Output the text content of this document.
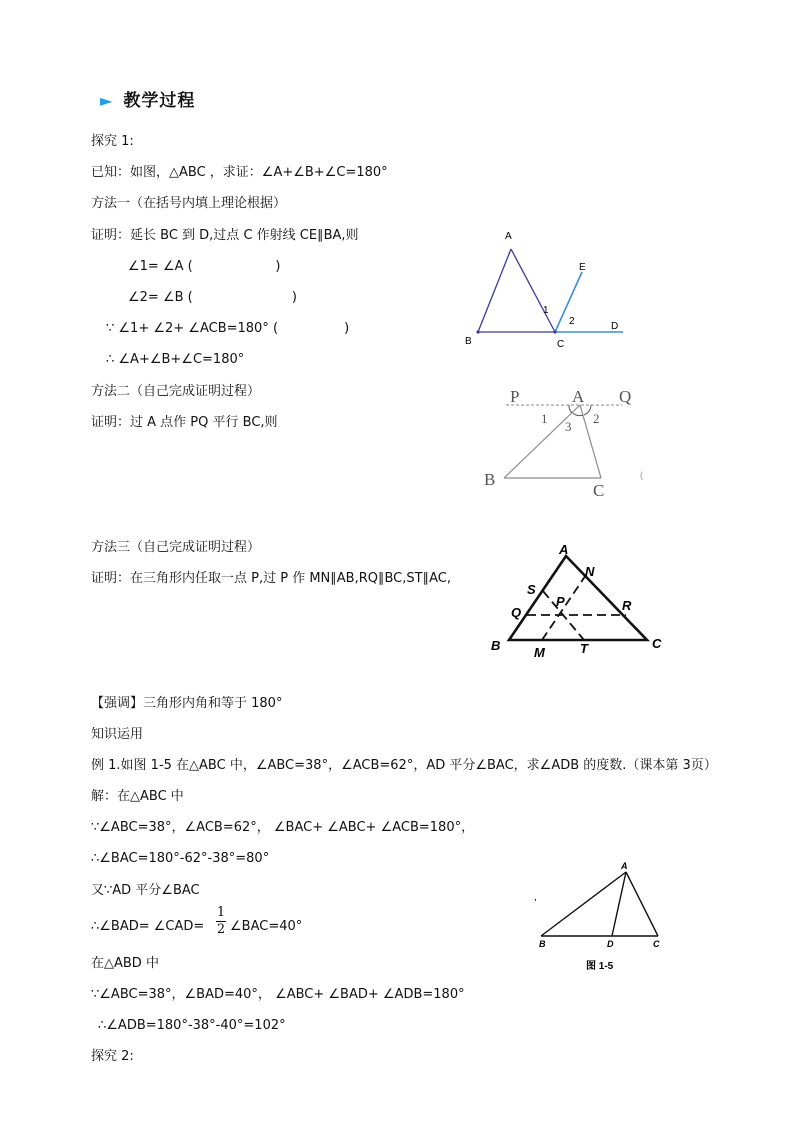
► 教学过程
探究 1:
已知：如图，△ABC ，求证：∠A+∠B+∠C=180°
方法一（在括号内填上理论根据）
证明：延长 BC 到 D,过点 C 作射线 CE∥BA,则
∠1= ∠A (                    )
∠2= ∠B (                        )
∵ ∠1+ ∠2+ ∠ACB=180° (                )
∴ ∠A+∠B+∠C=180°
方法二（自己完成证明过程）
证明：过 A 点作 PQ 平行 BC,则
方法三（自己完成证明过程）
证明：在三角形内任取一点 P,过 P 作 MN∥AB,RQ∥BC,ST∥AC,
【强调】三角形内角和等于 180°
知识运用
例 1.如图 1-5 在△ABC 中，∠ABC=38°，∠ACB=62°，AD 平分∠BAC，求∠ADB 的度数.（课本第 3页）
解：在△ABC 中
∵∠ABC=38°，∠ACB=62°， ∠BAC+ ∠ABC+ ∠ACB=180°，
∴∠BAC=180°-62°-38°=80°
又∵AD 平分∠BAC
∴∠BAD= ∠CAD=
1
2 ∠BAC=40°
在△ABD 中
∵∠ABC=38°，∠BAD=40°， ∠ABC+ ∠BAD+ ∠ADB=180°
∴∠ADB=180°-38°-40°=102°
探究 2:
A
B	C
D
E
1
2
P	A Q
B
C
1	2
3
(
A
N
S
P
Q	R
B	M	T	C
A
B	D	C
图 1-5
,
